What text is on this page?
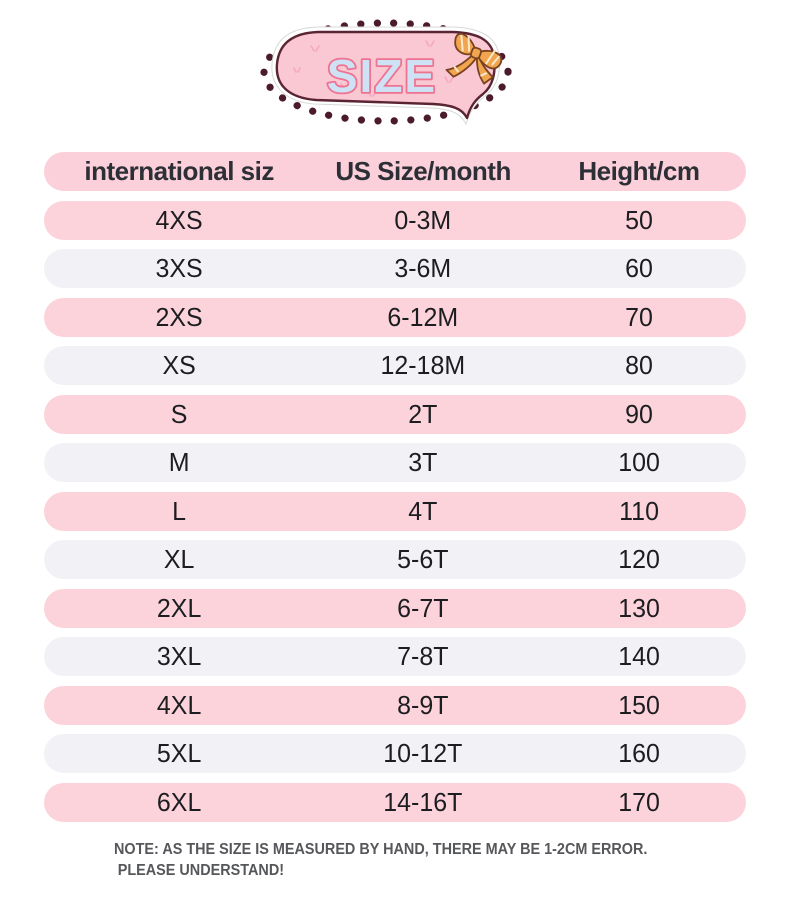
SIZE
international siz	US Size/month	Height/cm
4XS	0-3M	50
3XS	3-6M	60
2XS	6-12M	70
XS	12-18M	80
S	2T	90
M	3T	100
L	4T	110
XL	5-6T	120
2XL	6-7T	130
3XL	7-8T	140
4XL	8-9T	150
5XL	10-12T	160
6XL	14-16T	170
NOTE: AS THE SIZE IS MEASURED BY HAND, THERE MAY BE 1-2CM ERROR.
PLEASE UNDERSTAND!
